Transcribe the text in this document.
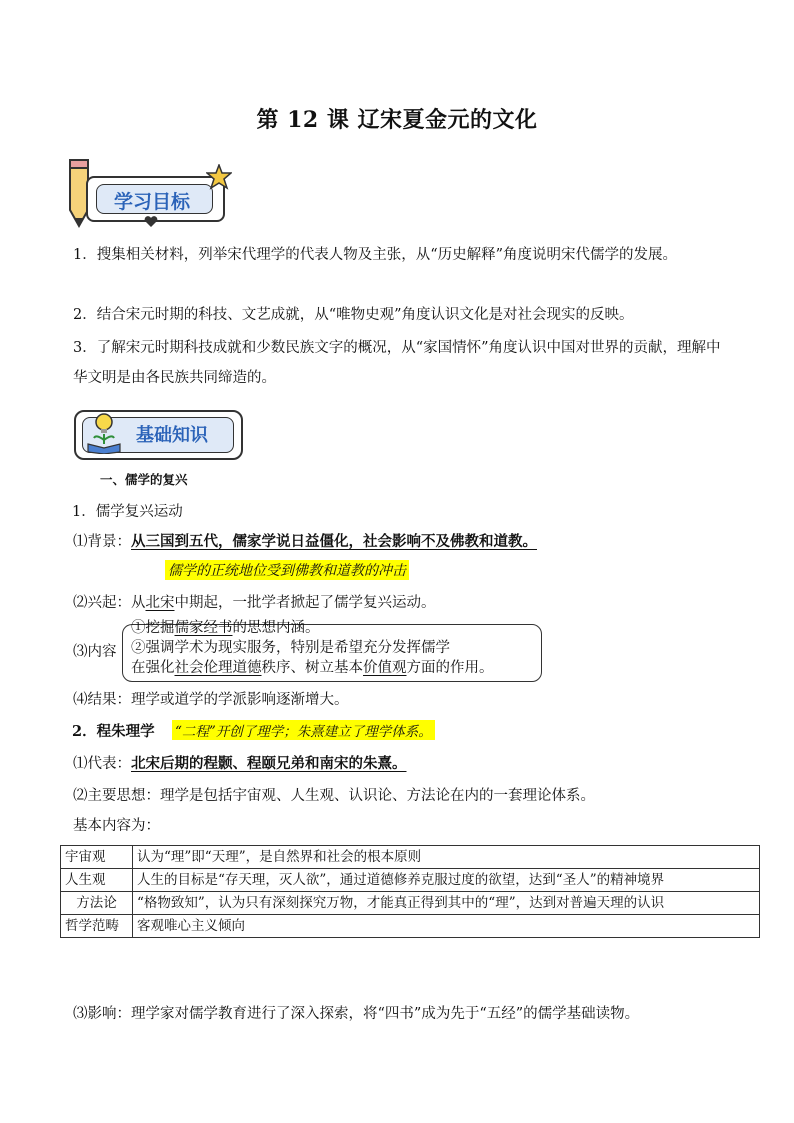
第 12 课 辽宋夏金元的文化
学习目标
1．搜集相关材料，列举宋代理学的代表人物及主张，从“历史解释”角度说明宋代儒学的发展。
2．结合宋元时期的科技、文艺成就，从“唯物史观”角度认识文化是对社会现实的反映。
3．了解宋元时期科技成就和少数民族文字的概况，从“家国情怀”角度认识中国对世界的贡献，理解中华文明是由各民族共同缔造的。
基础知识
一、儒学的复兴
1．儒学复兴运动
⑴背景：从三国到五代，儒家学说日益僵化，社会影响不及佛教和道教。
儒学的正统地位受到佛教和道教的冲击
⑵兴起：从北宋中期起，一批学者掀起了儒学复兴运动。
⑶内容
①挖掘儒家经书的思想内涵。
②强调学术为现实服务，特别是希望充分发挥儒学
在强化社会伦理道德秩序、树立基本价值观方面的作用。
⑷结果：理学或道学的学派影响逐渐增大。
2．程朱理学 “二程”开创了理学；朱熹建立了理学体系。
⑴代表：北宋后期的程颢、程颐兄弟和南宋的朱熹。
⑵主要思想：理学是包括宇宙观、人生观、认识论、方法论在内的一套理论体系。
基本内容为：
宇宙观	认为“理”即“天理”，是自然界和社会的根本原则
人生观	人生的目标是“存天理，灭人欲”，通过道德修养克服过度的欲望，达到“圣人”的精神境界
方法论	“格物致知”，认为只有深刻探究万物，才能真正得到其中的“理”，达到对普遍天理的认识
哲学范畴	客观唯心主义倾向
⑶影响：理学家对儒学教育进行了深入探索，将“四书”成为先于“五经”的儒学基础读物。
